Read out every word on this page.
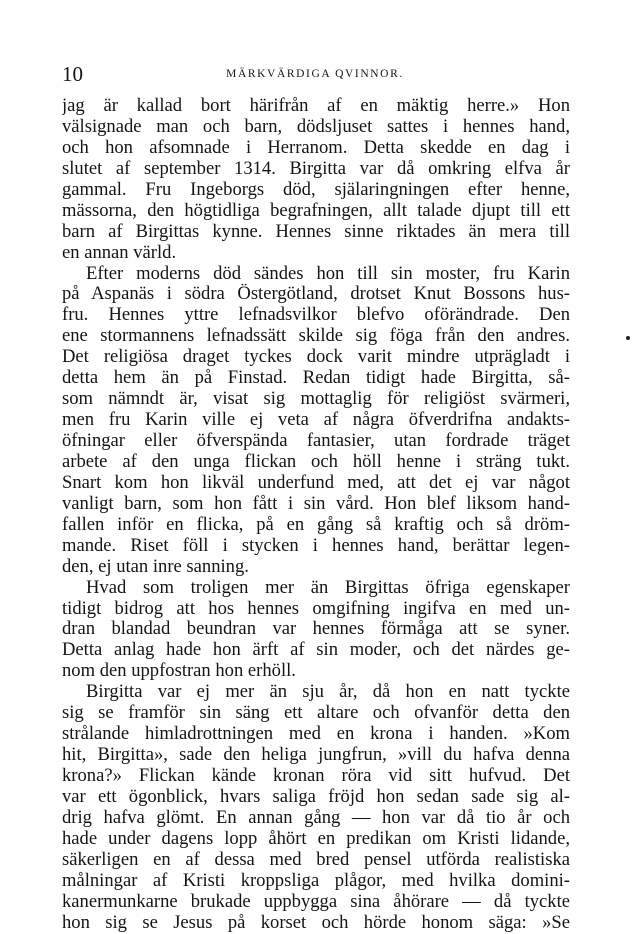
10	MÄRKVÄRDIGA QVINNOR.
jag är kallad bort härifrån af en mäktig herre.» Hon
välsignade man och barn, dödsljuset sattes i hennes hand,
och hon afsomnade i Herranom. Detta skedde en dag i
slutet af september 1314. Birgitta var då omkring elfva år
gammal. Fru Ingeborgs död, själaringningen efter henne,
mässorna, den högtidliga begrafningen, allt talade djupt till ett
barn af Birgittas kynne. Hennes sinne riktades än mera till
en annan värld.
Efter moderns död sändes hon till sin moster, fru Karin
på Aspanäs i södra Östergötland, drotset Knut Bossons hus-
fru. Hennes yttre lefnadsvilkor blefvo oförändrade. Den
ene stormannens lefnadssätt skilde sig föga från den andres.
Det religiösa draget tyckes dock varit mindre utprägladt i
detta hem än på Finstad. Redan tidigt hade Birgitta, så-
som nämndt är, visat sig mottaglig för religiöst svärmeri,
men fru Karin ville ej veta af några öfverdrifna andakts-
öfningar eller öfverspända fantasier, utan fordrade träget
arbete af den unga flickan och höll henne i sträng tukt.
Snart kom hon likväl underfund med, att det ej var något
vanligt barn, som hon fått i sin vård. Hon blef liksom hand-
fallen inför en flicka, på en gång så kraftig och så dröm-
mande. Riset föll i stycken i hennes hand, berättar legen-
den, ej utan inre sanning.
Hvad som troligen mer än Birgittas öfriga egenskaper
tidigt bidrog att hos hennes omgifning ingifva en med un-
dran blandad beundran var hennes förmåga att se syner.
Detta anlag hade hon ärft af sin moder, och det närdes ge-
nom den uppfostran hon erhöll.
Birgitta var ej mer än sju år, då hon en natt tyckte
sig se framför sin säng ett altare och ofvanför detta den
strålande himladrottningen med en krona i handen. »Kom
hit, Birgitta», sade den heliga jungfrun, »vill du hafva denna
krona?» Flickan kände kronan röra vid sitt hufvud. Det
var ett ögonblick, hvars saliga fröjd hon sedan sade sig al-
drig hafva glömt. En annan gång — hon var då tio år och
hade under dagens lopp åhört en predikan om Kristi lidande,
säkerligen en af dessa med bred pensel utförda realistiska
målningar af Kristi kroppsliga plågor, med hvilka domini-
kanermunkarne brukade uppbygga sina åhörare — då tyckte
hon sig se Jesus på korset och hörde honom säga: »Se
